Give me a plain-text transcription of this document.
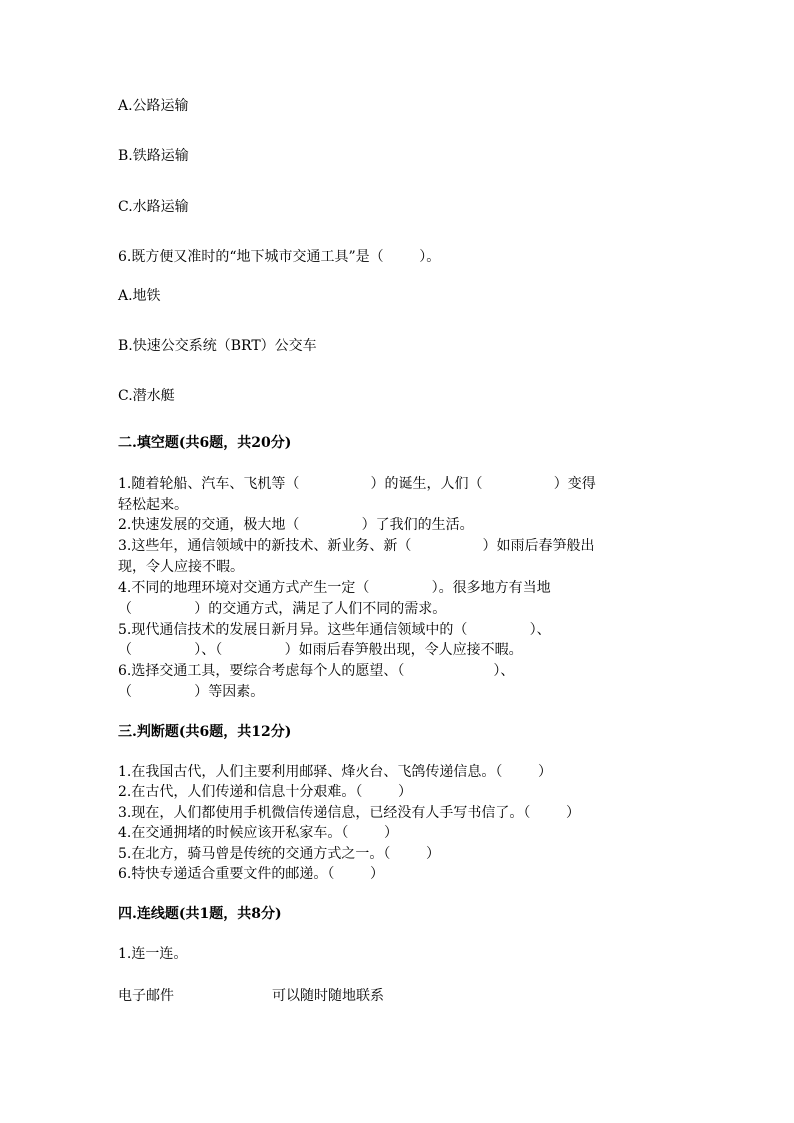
A.公路运输
B.铁路运输
C.水路运输
6.既方便又准时的“地下城市交通工具”是（        ）。
A.地铁
B.快速公交系统（BRT）公交车
C.潜水艇
二.填空题(共6题，共20分)
1.随着轮船、汽车、飞机等（                ）的诞生，人们（                ）变得
轻松起来。
2.快速发展的交通，极大地（              ）了我们的生活。
3.这些年，通信领域中的新技术、新业务、新（                ）如雨后春笋般出
现，令人应接不暇。
4.不同的地理环境对交通方式产生一定（              ）。很多地方有当地
（              ）的交通方式，满足了人们不同的需求。
5.现代通信技术的发展日新月异。这些年通信领域中的（              ）、
（              ）、（              ）如雨后春笋般出现，令人应接不暇。
6.选择交通工具，要综合考虑每个人的愿望、（                    ）、
（              ）等因素。
三.判断题(共6题，共12分)
1.在我国古代，人们主要利用邮驿、烽火台、飞鸽传递信息。（        ）
2.在古代，人们传递和信息十分艰难。（        ）
3.现在，人们都使用手机微信传递信息，已经没有人手写书信了。（        ）
4.在交通拥堵的时候应该开私家车。（        ）
5.在北方，骑马曾是传统的交通方式之一。（        ）
6.特快专递适合重要文件的邮递。（        ）
四.连线题(共1题，共8分)
1.连一连。
电子邮件	可以随时随地联系
